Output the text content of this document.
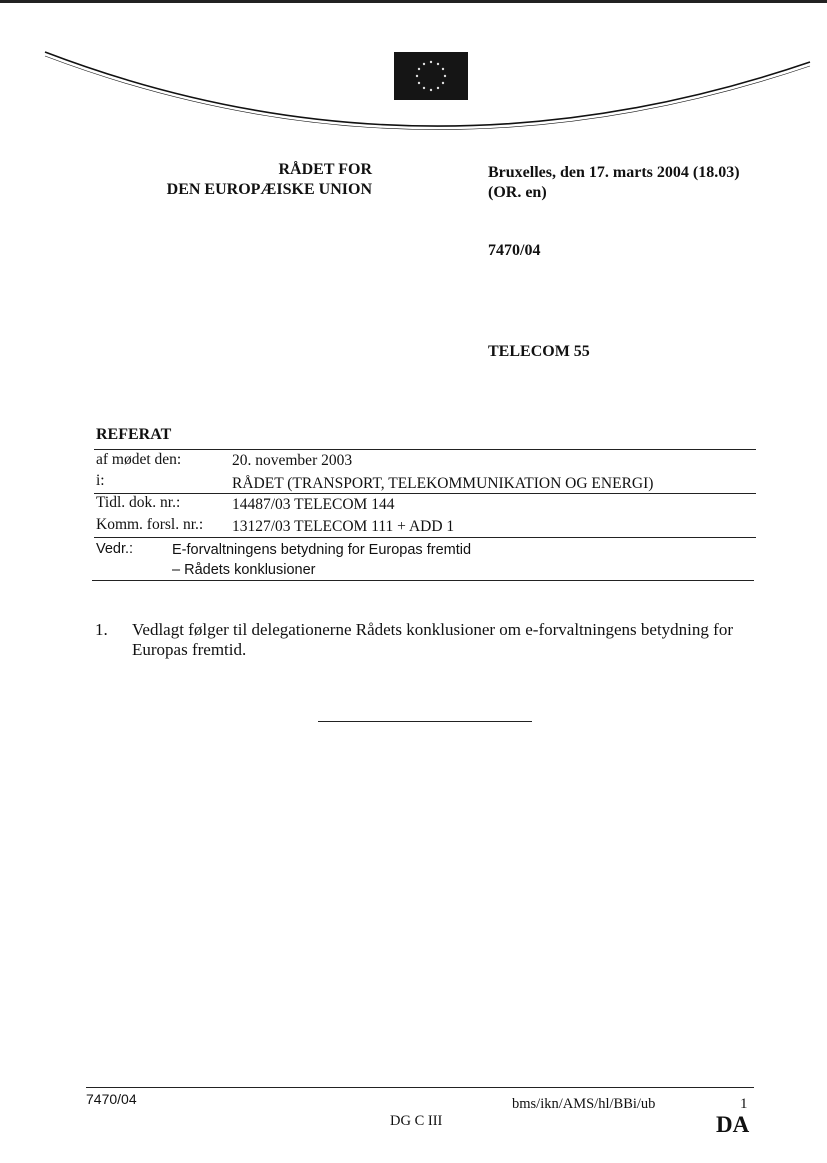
RÅDET FOR
DEN EUROPÆISKE UNION
Bruxelles, den 17. marts 2004 (18.03)
(OR. en)
7470/04
TELECOM 55
REFERAT
af mødet den:	20. november 2003
i:	RÅDET (TRANSPORT, TELEKOMMUNIKATION OG ENERGI)
Tidl. dok. nr.:	14487/03 TELECOM 144
Komm. forsl. nr.: 13127/03 TELECOM 111 + ADD 1
Vedr.:	E-forvaltningens betydning for Europas fremtid
– Rådets konklusioner
1. Vedlagt følger til delegationerne Rådets konklusioner om e-forvaltningens betydning for Europas fremtid.
7470/04	bms/ikn/AMS/hl/BBi/ub	1
DG C III	DA
